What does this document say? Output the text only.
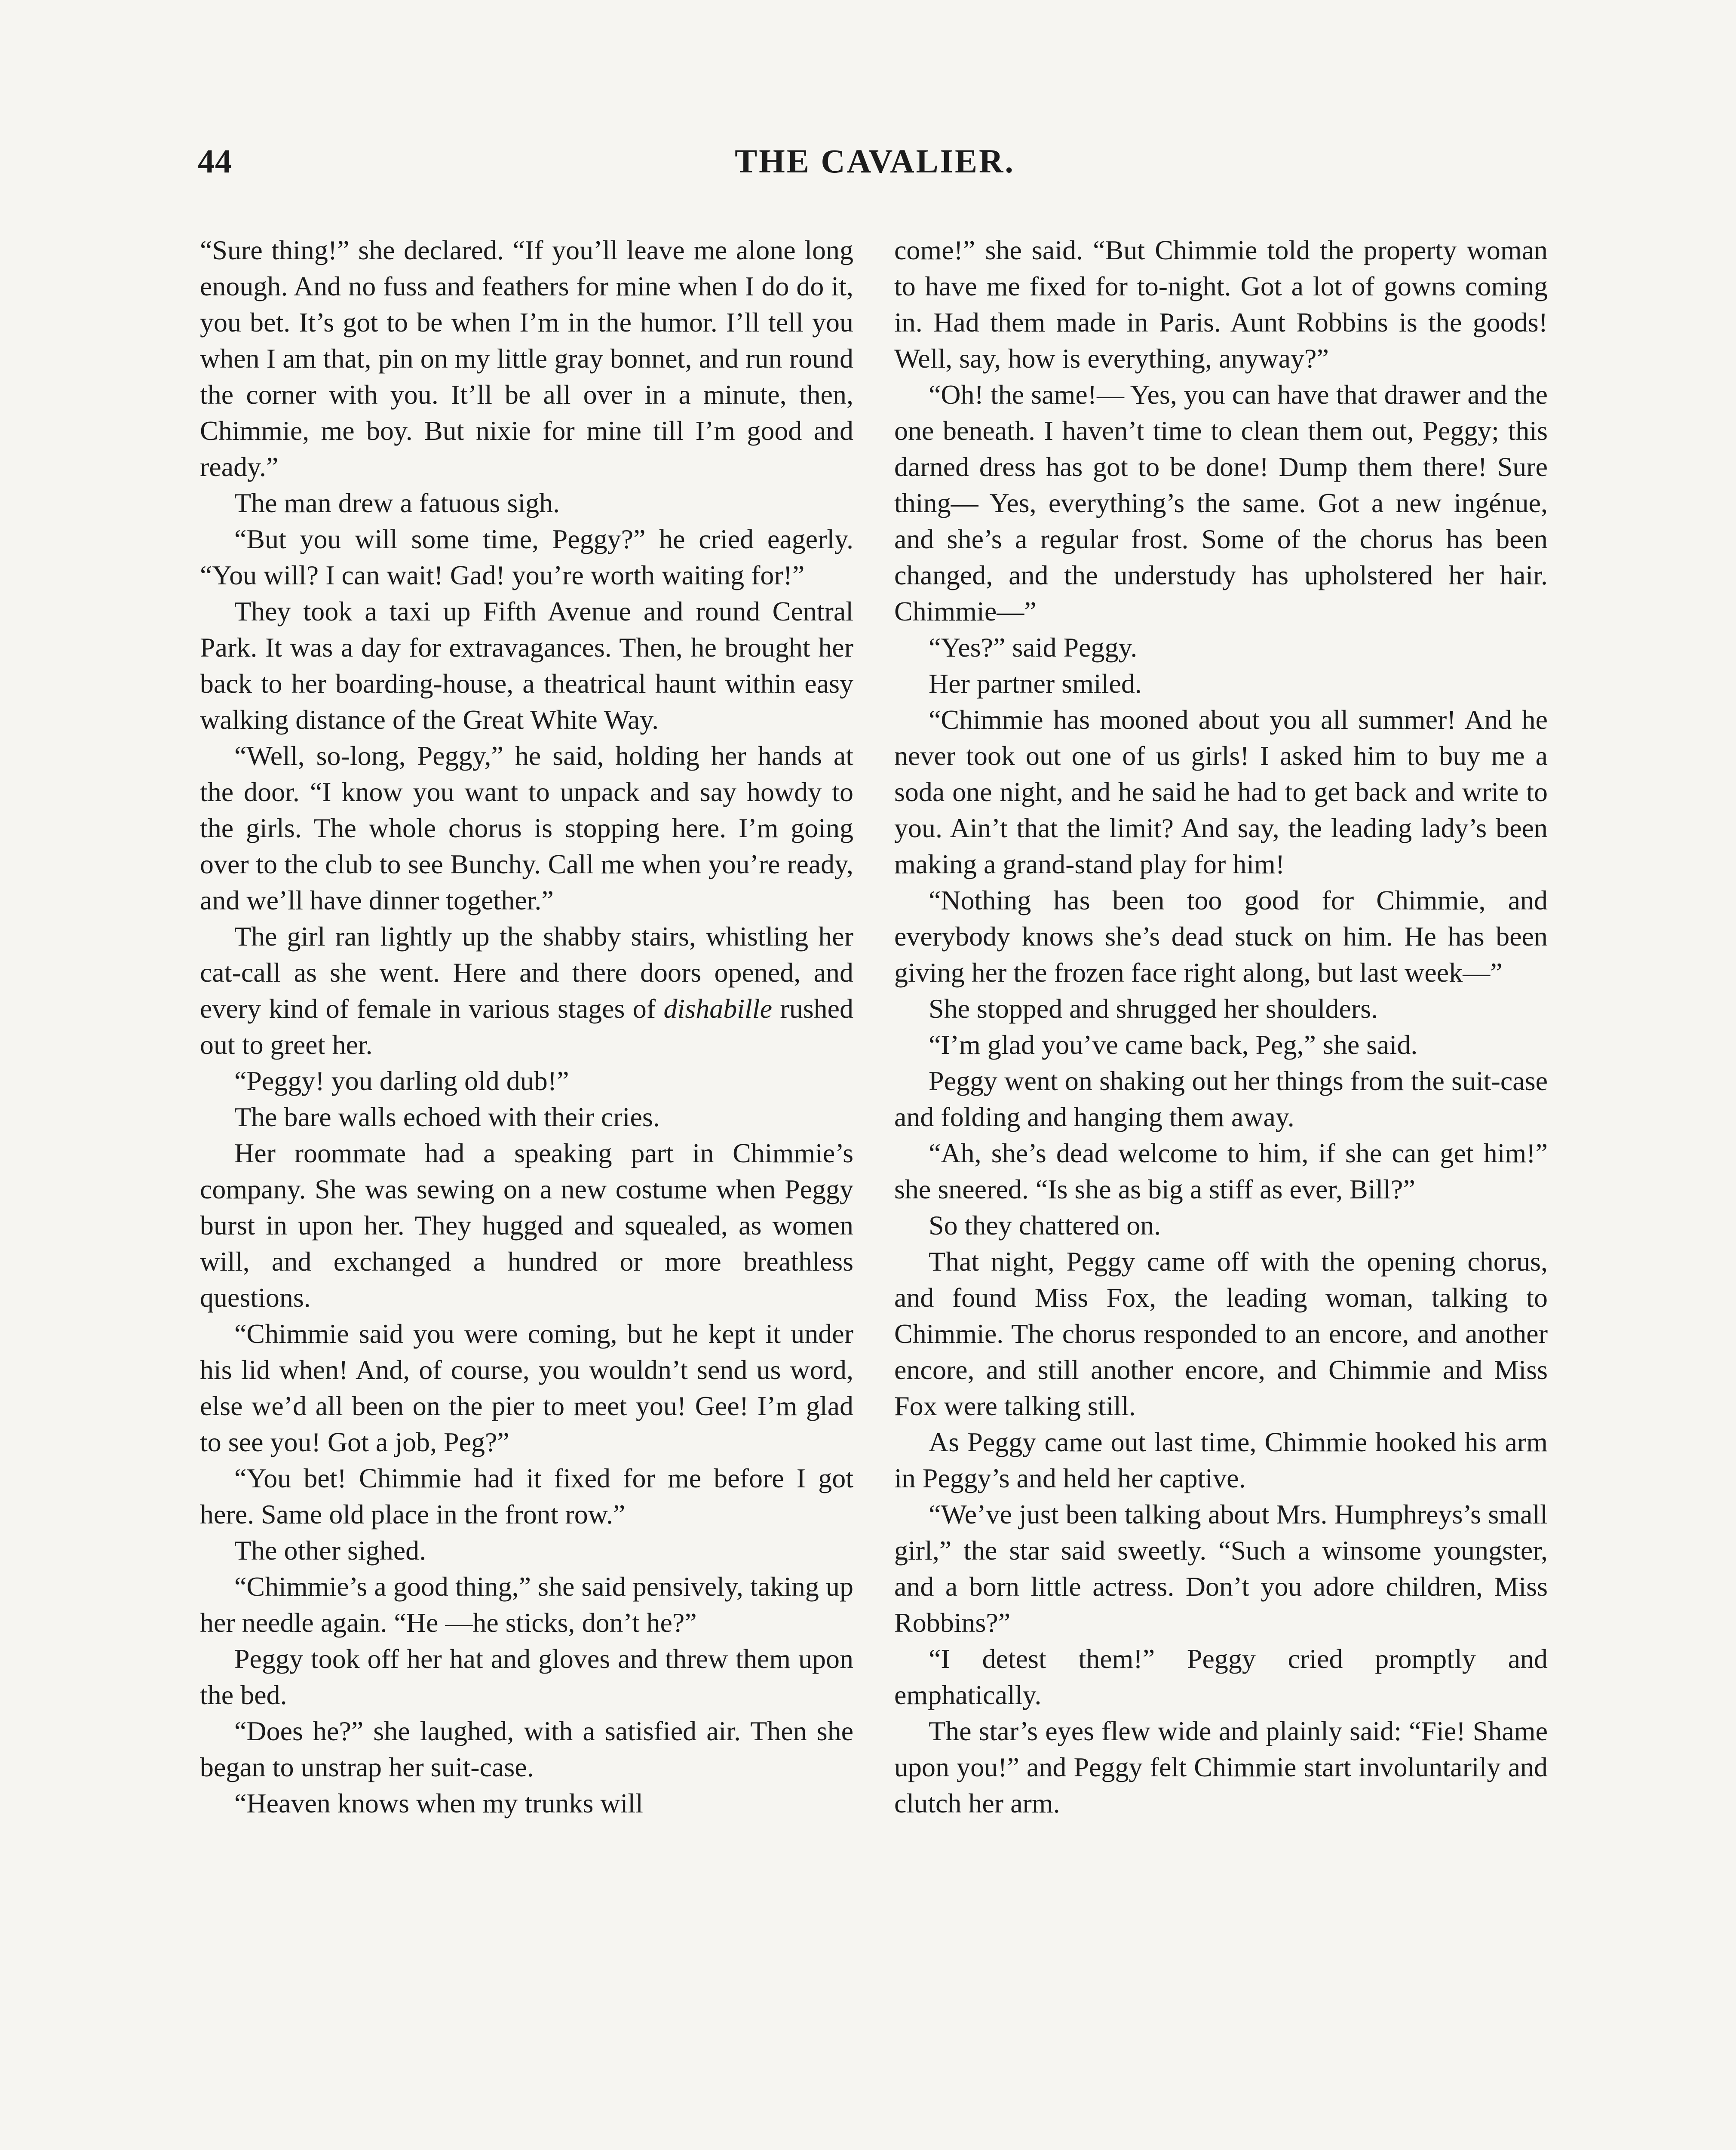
44	THE CAVALIER.

“Sure thing!” she declared. “If you’ll leave me alone long enough. And no fuss and feathers for mine when I do do it, you bet. It’s got to be when I’m in the humor. I’ll tell you when I am that, pin on my little gray bonnet, and run round the corner with you. It’ll be all over in a minute, then, Chimmie, me boy. But nixie for mine till I’m good and ready.”

The man drew a fatuous sigh.

“But you will some time, Peggy?” he cried eagerly. “You will? I can wait! Gad! you’re worth waiting for!”

They took a taxi up Fifth Avenue and round Central Park. It was a day for extravagances. Then, he brought her back to her boarding-house, a theatrical haunt within easy walking distance of the Great White Way.

“Well, so-long, Peggy,” he said, holding her hands at the door. “I know you want to unpack and say howdy to the girls. The whole chorus is stopping here. I’m going over to the club to see Bunchy. Call me when you’re ready, and we’ll have dinner together.”

The girl ran lightly up the shabby stairs, whistling her cat-call as she went. Here and there doors opened, and every kind of female in various stages of dishabille rushed out to greet her.

“Peggy! you darling old dub!”

The bare walls echoed with their cries.

Her roommate had a speaking part in Chimmie’s company. She was sewing on a new costume when Peggy burst in upon her. They hugged and squealed, as women will, and exchanged a hundred or more breathless questions.

“Chimmie said you were coming, but he kept it under his lid when! And, of course, you wouldn’t send us word, else we’d all been on the pier to meet you! Gee! I’m glad to see you! Got a job, Peg?”

“You bet! Chimmie had it fixed for me before I got here. Same old place in the front row.”

The other sighed.

“Chimmie’s a good thing,” she said pensively, taking up her needle again. “He —he sticks, don’t he?”

Peggy took off her hat and gloves and threw them upon the bed.

“Does he?” she laughed, with a satisfied air. Then she began to unstrap her suit-case.

“Heaven knows when my trunks will

come!” she said. “But Chimmie told the property woman to have me fixed for to-night. Got a lot of gowns coming in. Had them made in Paris. Aunt Robbins is the goods! Well, say, how is everything, anyway?”

“Oh! the same!— Yes, you can have that drawer and the one beneath. I haven’t time to clean them out, Peggy; this darned dress has got to be done! Dump them there! Sure thing— Yes, everything’s the same. Got a new ingénue, and she’s a regular frost. Some of the chorus has been changed, and the understudy has upholstered her hair. Chimmie—”

“Yes?” said Peggy.

Her partner smiled.

“Chimmie has mooned about you all summer! And he never took out one of us girls! I asked him to buy me a soda one night, and he said he had to get back and write to you. Ain’t that the limit? And say, the leading lady’s been making a grand-stand play for him!

“Nothing has been too good for Chimmie, and everybody knows she’s dead stuck on him. He has been giving her the frozen face right along, but last week—”

She stopped and shrugged her shoulders.

“I’m glad you’ve came back, Peg,” she said.

Peggy went on shaking out her things from the suit-case and folding and hanging them away.

“Ah, she’s dead welcome to him, if she can get him!” she sneered. “Is she as big a stiff as ever, Bill?”

So they chattered on.

That night, Peggy came off with the opening chorus, and found Miss Fox, the leading woman, talking to Chimmie. The chorus responded to an encore, and another encore, and still another encore, and Chimmie and Miss Fox were talking still.

As Peggy came out last time, Chimmie hooked his arm in Peggy’s and held her captive.

“We’ve just been talking about Mrs. Humphreys’s small girl,” the star said sweetly. “Such a winsome youngster, and a born little actress. Don’t you adore children, Miss Robbins?”

“I detest them!” Peggy cried promptly and emphatically.

The star’s eyes flew wide and plainly said: “Fie! Shame upon you!” and Peggy felt Chimmie start involuntarily and clutch her arm.
